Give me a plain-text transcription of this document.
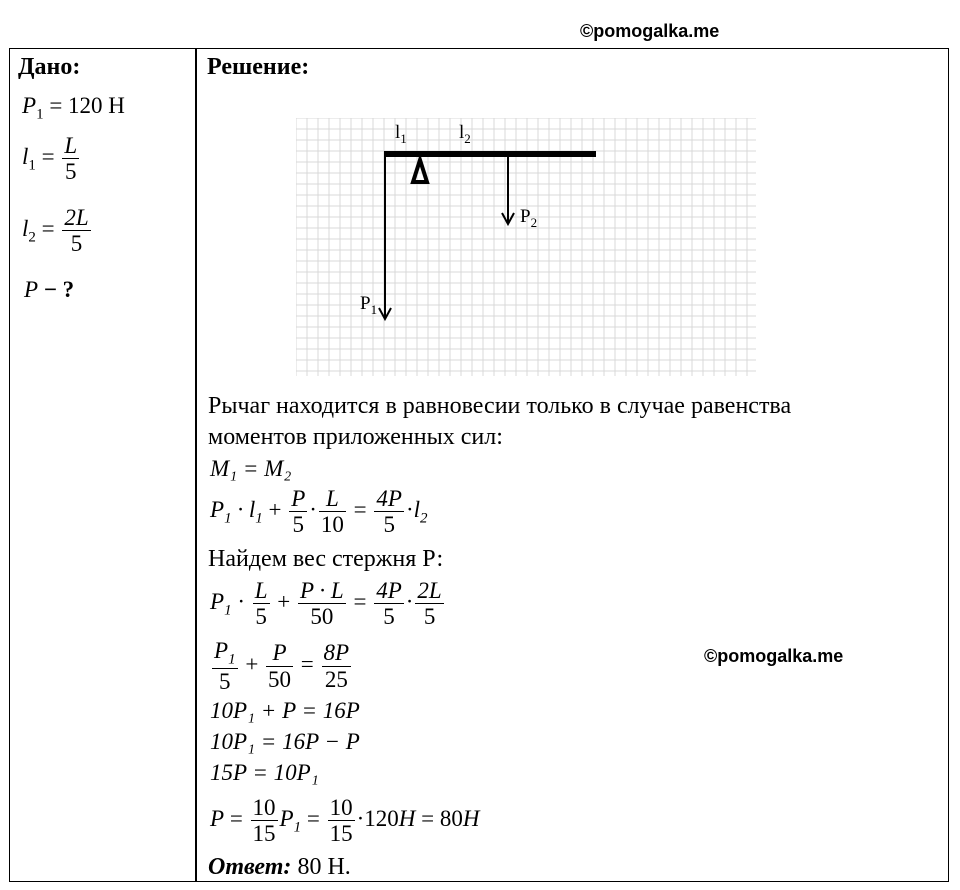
©pomogalka.me
©pomogalka.me
Дано:
$P_1 = 120$ Н
$l_1 = \frac{L}{5}$
$l_2 = \frac{2L}{5}$
P − ?
Решение:
$l_1$	$l_2$
$P_2$
$P_1$
Рычаг находится в равновесии только в случае равенства
моментов приложенных сил:
M₁ = M₂
$P_1 \cdot l_1 + \frac{P}{5} \cdot \frac{L}{10} = \frac{4P}{5} \cdot l_2$
Найдем вес стержня Р:
$P_1 \cdot \frac{L}{5} + \frac{P \cdot L}{50} = \frac{4P}{5} \cdot \frac{2L}{5}$
$\frac{P_1}{5} + \frac{P}{50} = \frac{8P}{25}$
10P₁ + P = 16P
10P₁ = 16P − P
15P = 10P₁
$P = \frac{10}{15} P_1 = \frac{10}{15} \cdot 120H = 80H$
Ответ: 80 Н.
